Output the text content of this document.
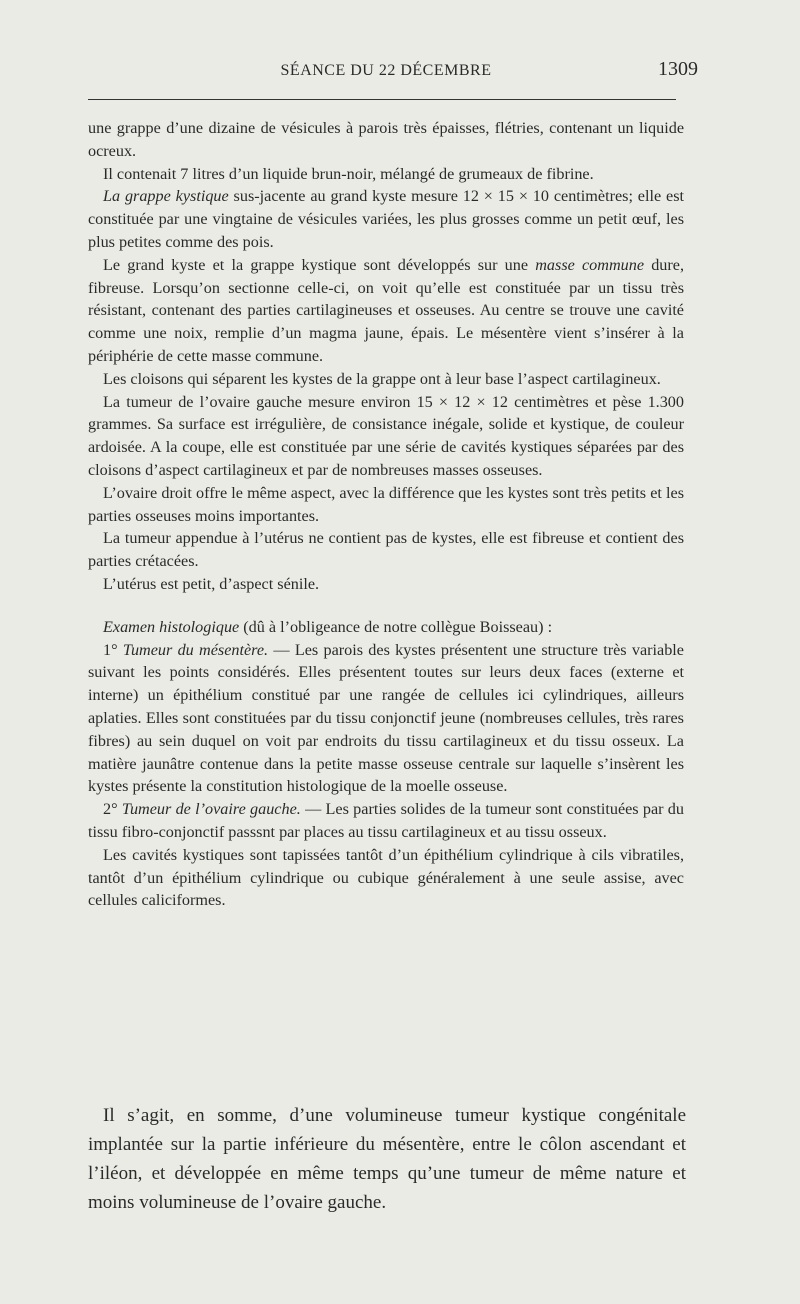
SÉANCE DU 22 DÉCEMBRE	1309

une grappe d’une dizaine de vésicules à parois très épaisses, flétries, contenant un liquide ocreux.

Il contenait 7 litres d’un liquide brun-noir, mélangé de grumeaux de fibrine.

La grappe kystique sus-jacente au grand kyste mesure 12 × 15 × 10 centimètres; elle est constituée par une vingtaine de vésicules variées, les plus grosses comme un petit œuf, les plus petites comme des pois.

Le grand kyste et la grappe kystique sont développés sur une masse commune dure, fibreuse. Lorsqu’on sectionne celle-ci, on voit qu’elle est constituée par un tissu très résistant, contenant des parties cartilagineuses et osseuses. Au centre se trouve une cavité comme une noix, remplie d’un magma jaune, épais. Le mésentère vient s’insérer à la périphérie de cette masse commune.

Les cloisons qui séparent les kystes de la grappe ont à leur base l’aspect cartilagineux.

La tumeur de l’ovaire gauche mesure environ 15 × 12 × 12 centimètres et pèse 1.300 grammes. Sa surface est irrégulière, de consistance inégale, solide et kystique, de couleur ardoisée. A la coupe, elle est constituée par une série de cavités kystiques séparées par des cloisons d’aspect cartilagineux et par de nombreuses masses osseuses.

L’ovaire droit offre le même aspect, avec la différence que les kystes sont très petits et les parties osseuses moins importantes.

La tumeur appendue à l’utérus ne contient pas de kystes, elle est fibreuse et contient des parties crétacées.

L’utérus est petit, d’aspect sénile.

Examen histologique (dû à l’obligeance de notre collègue Boisseau) :

1° Tumeur du mésentère. — Les parois des kystes présentent une structure très variable suivant les points considérés. Elles présentent toutes sur leurs deux faces (externe et interne) un épithélium constitué par une rangée de cellules ici cylindriques, ailleurs aplaties. Elles sont constituées par du tissu conjonctif jeune (nombreuses cellules, très rares fibres) au sein duquel on voit par endroits du tissu cartilagineux et du tissu osseux. La matière jaunâtre contenue dans la petite masse osseuse centrale sur laquelle s’insèrent les kystes présente la constitution histologique de la moelle osseuse.

2° Tumeur de l’ovaire gauche. — Les parties solides de la tumeur sont constituées par du tissu fibro-conjonctif passsnt par places au tissu cartilagineux et au tissu osseux.

Les cavités kystiques sont tapissées tantôt d’un épithélium cylindrique à cils vibratiles, tantôt d’un épithélium cylindrique ou cubique généralement à une seule assise, avec cellules caliciformes.

Il s’agit, en somme, d’une volumineuse tumeur kystique congénitale implantée sur la partie inférieure du mésentère, entre le côlon ascendant et l’iléon, et développée en même temps qu’une tumeur de même nature et moins volumineuse de l’ovaire gauche.
